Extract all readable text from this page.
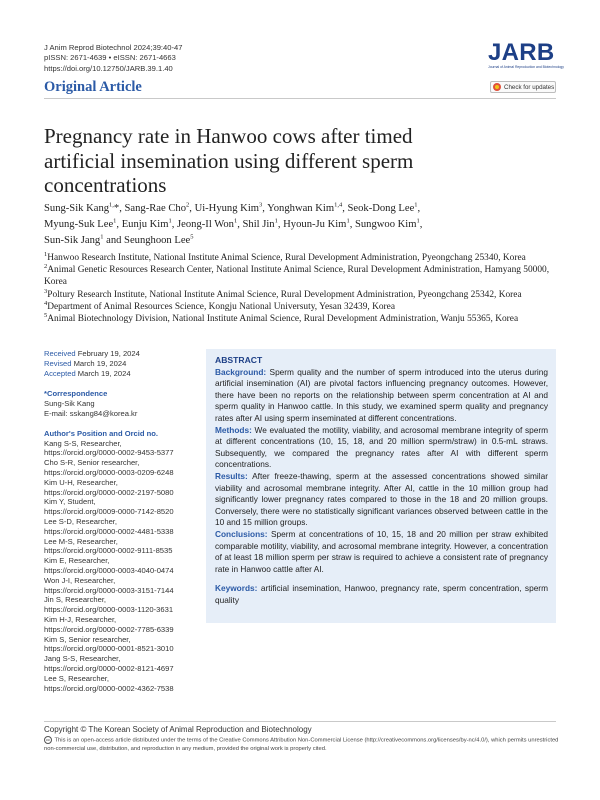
J Anim Reprod Biotechnol 2024;39:40-47
pISSN: 2671-4639 • eISSN: 2671-4663
https://doi.org/10.12750/JARB.39.1.40
JARB
Journal of Animal Reproduction and Biotechnology
Check for updates
Original Article
Pregnancy rate in Hanwoo cows after timed
artificial insemination using different sperm
concentrations
Sung-Sik Kang$^{1,}$*, Sang-Rae Cho$^2$, Ui-Hyung Kim$^3$, Yonghwan Kim$^{1,4}$, Seok-Dong Lee$^1$,
Myung-Suk Lee$^1$, Eunju Kim$^1$, Jeong-Il Won$^1$, Shil Jin$^1$, Hyoun-Ju Kim$^1$, Sungwoo Kim$^1$,
Sun-Sik Jang$^1$ and Seunghoon Lee$^5$
$^1$Hanwoo Research Institute, National Institute Animal Science, Rural Development Administration, Pyeongchang 25340, Korea
$^2$Animal Genetic Resources Research Center, National Institute Animal Science, Rural Development Administration, Hamyang 50000, Korea
$^3$Poltury Research Institute, National Institute Animal Science, Rural Development Administration, Pyeongchang 25342, Korea
$^4$Department of Animal Resources Science, Kongju National Universuty, Yesan 32439, Korea
$^5$Animal Biotechnology Division, National Institute Animal Science, Rural Development Administration, Wanju 55365, Korea
Received February 19, 2024
Revised March 19, 2024
Accepted March 19, 2024
*Correspondence
Sung-Sik Kang
E-mail: sskang84@korea.kr
Author's Position and Orcid no.
Kang S-S, Researcher,
https://orcid.org/0000-0002-9453-5377
Cho S-R, Senior researcher,
https://orcid.org/0000-0003-0209-6248
Kim U-H, Researcher,
https://orcid.org/0000-0002-2197-5080
Kim Y, Student,
https://orcid.org/0009-0000-7142-8520
Lee S-D, Researcher,
https://orcid.org/0000-0002-4481-5338
Lee M-S, Researcher,
https://orcid.org/0000-0002-9111-8535
Kim E, Researcher,
https://orcid.org/0000-0003-4040-0474
Won J-I, Researcher,
https://orcid.org/0000-0003-3151-7144
Jin S, Researcher,
https://orcid.org/0000-0003-1120-3631
Kim H-J, Researcher,
https://orcid.org/0000-0002-7785-6339
Kim S, Senior researcher,
https://orcid.org/0000-0001-8521-3010
Jang S-S, Researcher,
https://orcid.org/0000-0002-8121-4697
Lee S, Researcher,
https://orcid.org/0000-0002-4362-7538
ABSTRACT

Background: Sperm quality and the number of sperm introduced into the uterus during artificial insemination (AI) are pivotal factors influencing pregnancy outcomes. However, there have been no reports on the relationship between sperm concentration at AI and sperm quality in Hanwoo cattle. In this study, we examined sperm quality and pregnancy rates after AI using sperm inseminated at different concentrations.

Methods: We evaluated the motility, viability, and acrosomal membrane integrity of sperm at different concentrations (10, 15, 18, and 20 million sperm/straw) in 0.5-mL straws. Subsequently, we compared the pregnancy rates after AI with different sperm concentrations.

Results: After freeze-thawing, sperm at the assessed concentrations showed similar viability and acrosomal membrane integrity. After AI, cattle in the 10 million group had significantly lower pregnancy rates compared to those in the 18 and 20 million groups. Conversely, there were no statistically significant variances observed between cattle in the 10 and 15 million groups.

Conclusions: Sperm at concentrations of 10, 15, 18 and 20 million per straw exhibited comparable motility, viability, and acrosomal membrane integrity. However, a concentration of at least 18 million sperm per straw is required to achieve a consistent rate of pregnancy rate in Hanwoo cattle after AI.

Keywords: artificial insemination, Hanwoo, pregnancy rate, sperm concentration, sperm quality

Copyright © The Korean Society of Animal Reproduction and Biotechnology
cc This is an open-access article distributed under the terms of the Creative Commons Attribution Non-Commercial License (http://creativecommons.org/licenses/by-nc/4.0/), which permits unrestricted non-commercial use, distribution, and reproduction in any medium, provided the original work is properly cited.
